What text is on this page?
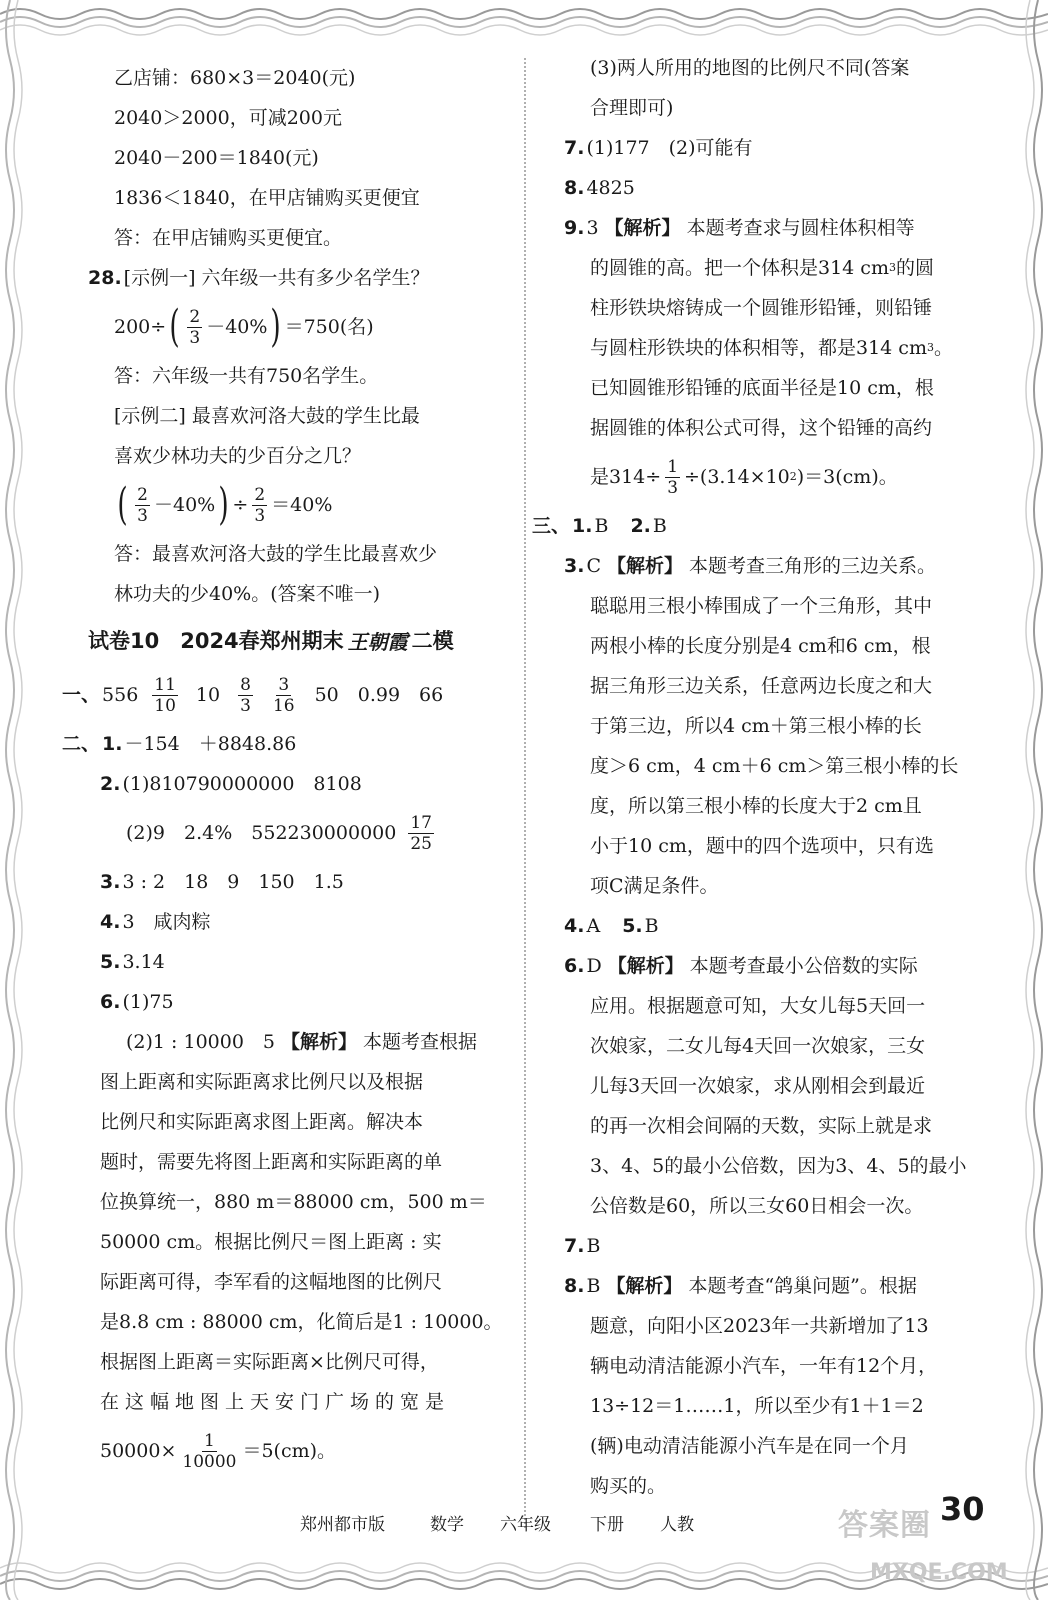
乙店铺：680×3＝2040(元)
2040＞2000，可减200元
2040－200＝1840(元)
1836＜1840，在甲店铺购买更便宜
答：在甲店铺购买更便宜。
28. [示例一] 六年级一共有多少名学生？
200÷ ( $\frac{2}{3} -40\%$ ) ＝750(名)
答：六年级一共有750名学生。
[示例二] 最喜欢河洛大鼓的学生比最
喜欢少林功夫的少百分之几？
( $\frac{2}{3} -40\%$ ) ÷ $\frac{2}{3} =40\%$
答：最喜欢河洛大鼓的学生比最喜欢少
林功夫的少40%。(答案不唯一)
试卷10　2024春郑州期末 王朝霞 二模
一、 $556 \frac{11}{10} 10 \frac{8}{3} \frac{3}{16} 50$　0.99　66
二、 1. －154　＋8848.86
2. (1)810790000000　8108
(2)9　2.4%　$552230000000 \frac{17}{25}$
3. 3 : 2　18　9　150　1.5
4. 3　咸肉粽
5. 3.14
6. (1)75
(2)1 : 10000　5 【解析】 本题考查根据
图上距离和实际距离求比例尺以及根据
比例尺和实际距离求图上距离。解决本
题时，需要先将图上距离和实际距离的单
位换算统一，880 m＝88000 cm，500 m＝
50000 cm。根据比例尺＝图上距离 : 实
际距离可得，李军看的这幅地图的比例尺
是8.8 cm : 88000 cm，化简后是1 : 10000。
根据图上距离＝实际距离×比例尺可得，
在这幅地图上天安门广场的宽是
$50000\times \frac{1}{10000} =5(cm)$。
(3)两人所用的地图的比例尺不同(答案
合理即可)
7. (1)177　(2)可能有
8. 4825
9. 3 【解析】 本题考查求与圆柱体积相等
的圆锥的高。把一个体积是314 cm 3 的圆
柱形铁块熔铸成一个圆锥形铅锤，则铅锤
与圆柱形铁块的体积相等，都是314 cm 3 。
已知圆锥形铅锤的底面半径是10 cm，根
据圆锥的体积公式可得，这个铅锤的高约
是$314\div \frac{1}{3} \div(3.14\times 10$ 2 )＝3(cm)。
三、 1. B 2. B
3. C 【解析】 本题考查三角形的三边关系。
聪聪用三根小棒围成了一个三角形，其中
两根小棒的长度分别是4 cm和6 cm，根
据三角形三边关系，任意两边长度之和大
于第三边，所以4 cm＋第三根小棒的长
度＞6 cm，4 cm＋6 cm＞第三根小棒的长
度，所以第三根小棒的长度大于2 cm且
小于10 cm，题中的四个选项中，只有选
项C满足条件。
4. A 5. B
6. D 【解析】 本题考查最小公倍数的实际
应用。根据题意可知，大女儿每5天回一
次娘家，二女儿每4天回一次娘家，三女
儿每3天回一次娘家，求从刚相会到最近
的再一次相会间隔的天数，实际上就是求
3、4、5的最小公倍数，因为3、4、5的最小
公倍数是60，所以三女60日相会一次。
7. B
8. B 【解析】 本题考查“鸽巢问题”。根据
题意，向阳小区2023年一共新增加了13
辆电动清洁能源小汽车，一年有12个月，
13÷12＝1……1，所以至少有1＋1＝2
(辆)电动清洁能源小汽车是在同一个月
购买的。
郑州都市版	数学 六年级 下册 人教	答案圈
MXQE.COM
30
